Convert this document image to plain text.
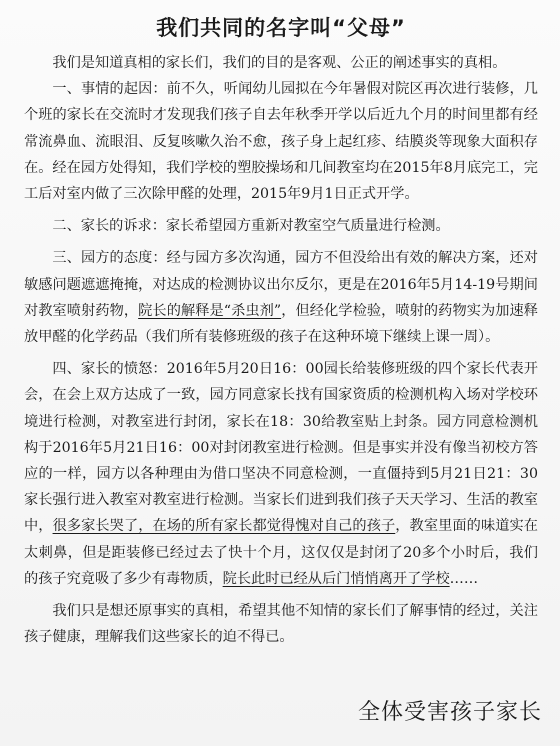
我们共同的名字叫“父母”

我们是知道真相的家长们，我们的目的是客观、公正的阐述事实的真相。

一、事情的起因：前不久，听闻幼儿园拟在今年暑假对院区再次进行装修，几个班的家长在交流时才发现我们孩子自去年秋季开学以后近九个月的时间里都有经常流鼻血、流眼泪、反复咳嗽久治不愈，孩子身上起红疹、结膜炎等现象大面积存在。经在园方处得知，我们学校的塑胶操场和几间教室均在2015年8月底完工，完工后对室内做了三次除甲醛的处理，2015年9月1日正式开学。

二、家长的诉求：家长希望园方重新对教室空气质量进行检测。

三、园方的态度：经与园方多次沟通，园方不但没给出有效的解决方案，还对敏感问题遮遮掩掩，对达成的检测协议出尔反尔，更是在2016年5月14-19号期间对教室喷射药物，院长的解释是“杀虫剂”，但经化学检验，喷射的药物实为加速释放甲醛的化学药品（我们所有装修班级的孩子在这种环境下继续上课一周）。

四、家长的愤怒：2016年5月20日16：00园长给装修班级的四个家长代表开会，在会上双方达成了一致，园方同意家长找有国家资质的检测机构入场对学校环境进行检测，对教室进行封闭，家长在18：30给教室贴上封条。园方同意检测机构于2016年5月21日16：00对封闭教室进行检测。但是事实并没有像当初校方答应的一样，园方以各种理由为借口坚决不同意检测，一直僵持到5月21日21：30家长强行进入教室对教室进行检测。当家长们进到我们孩子天天学习、生活的教室中，很多家长哭了，在场的所有家长都觉得愧对自己的孩子，教室里面的味道实在太刺鼻，但是距装修已经过去了快十个月，这仅仅是封闭了20多个小时后，我们的孩子究竟吸了多少有毒物质，院长此时已经从后门悄悄离开了学校……

我们只是想还原事实的真相，希望其他不知情的家长们了解事情的经过，关注孩子健康，理解我们这些家长的迫不得已。

全体受害孩子家长
